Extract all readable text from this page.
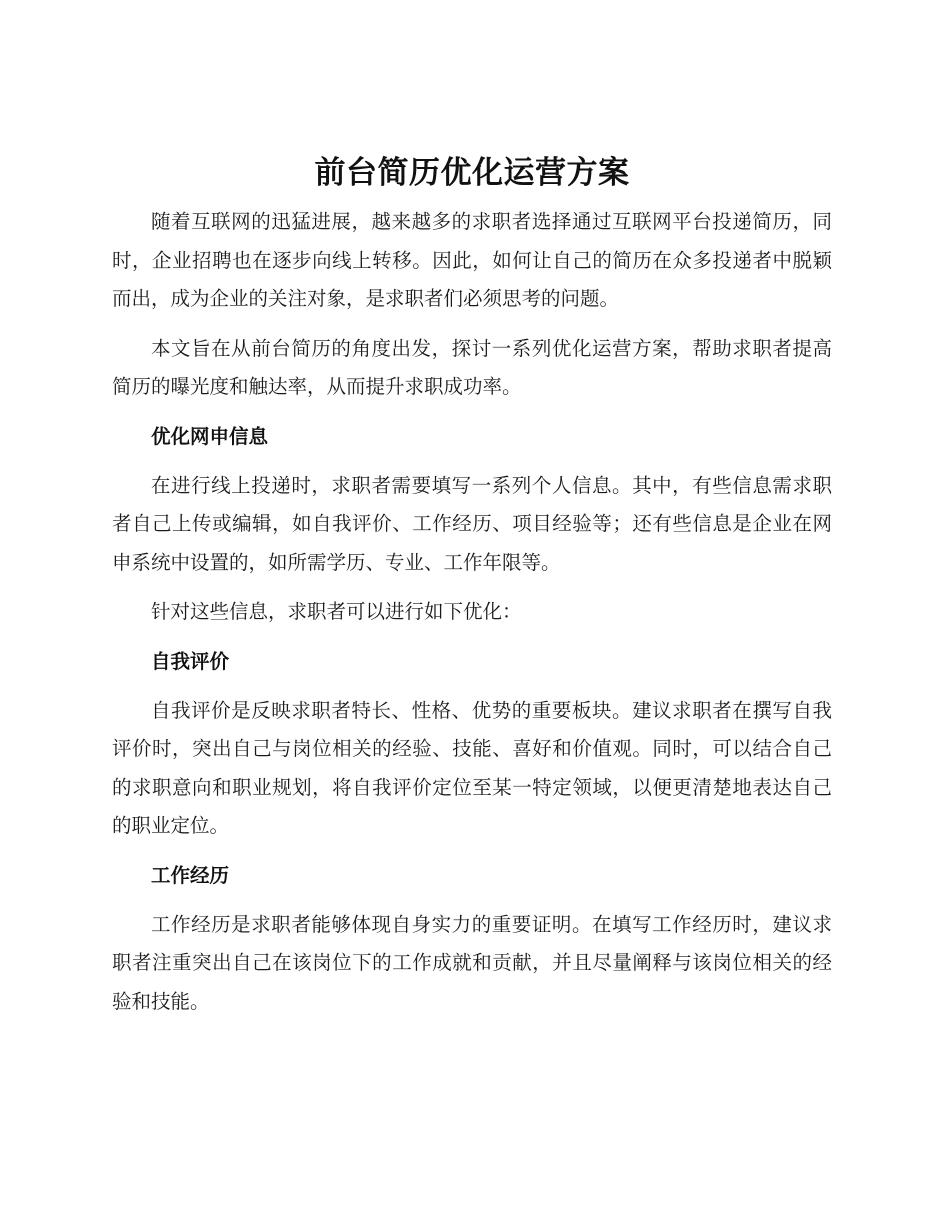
前台简历优化运营方案

随着互联网的迅猛进展，越来越多的求职者选择通过互联网平台投递简历，同时，企业招聘也在逐步向线上转移。因此，如何让自己的简历在众多投递者中脱颖而出，成为企业的关注对象，是求职者们必须思考的问题。

本文旨在从前台简历的角度出发，探讨一系列优化运营方案，帮助求职者提高简历的曝光度和触达率，从而提升求职成功率。

优化网申信息

在进行线上投递时，求职者需要填写一系列个人信息。其中，有些信息需求职者自己上传或编辑，如自我评价、工作经历、项目经验等；还有些信息是企业在网申系统中设置的，如所需学历、专业、工作年限等。

针对这些信息，求职者可以进行如下优化：

自我评价

自我评价是反映求职者特长、性格、优势的重要板块。建议求职者在撰写自我评价时，突出自己与岗位相关的经验、技能、喜好和价值观。同时，可以结合自己的求职意向和职业规划，将自我评价定位至某一特定领域，以便更清楚地表达自己的职业定位。

工作经历

工作经历是求职者能够体现自身实力的重要证明。在填写工作经历时，建议求职者注重突出自己在该岗位下的工作成就和贡献，并且尽量阐释与该岗位相关的经验和技能。
